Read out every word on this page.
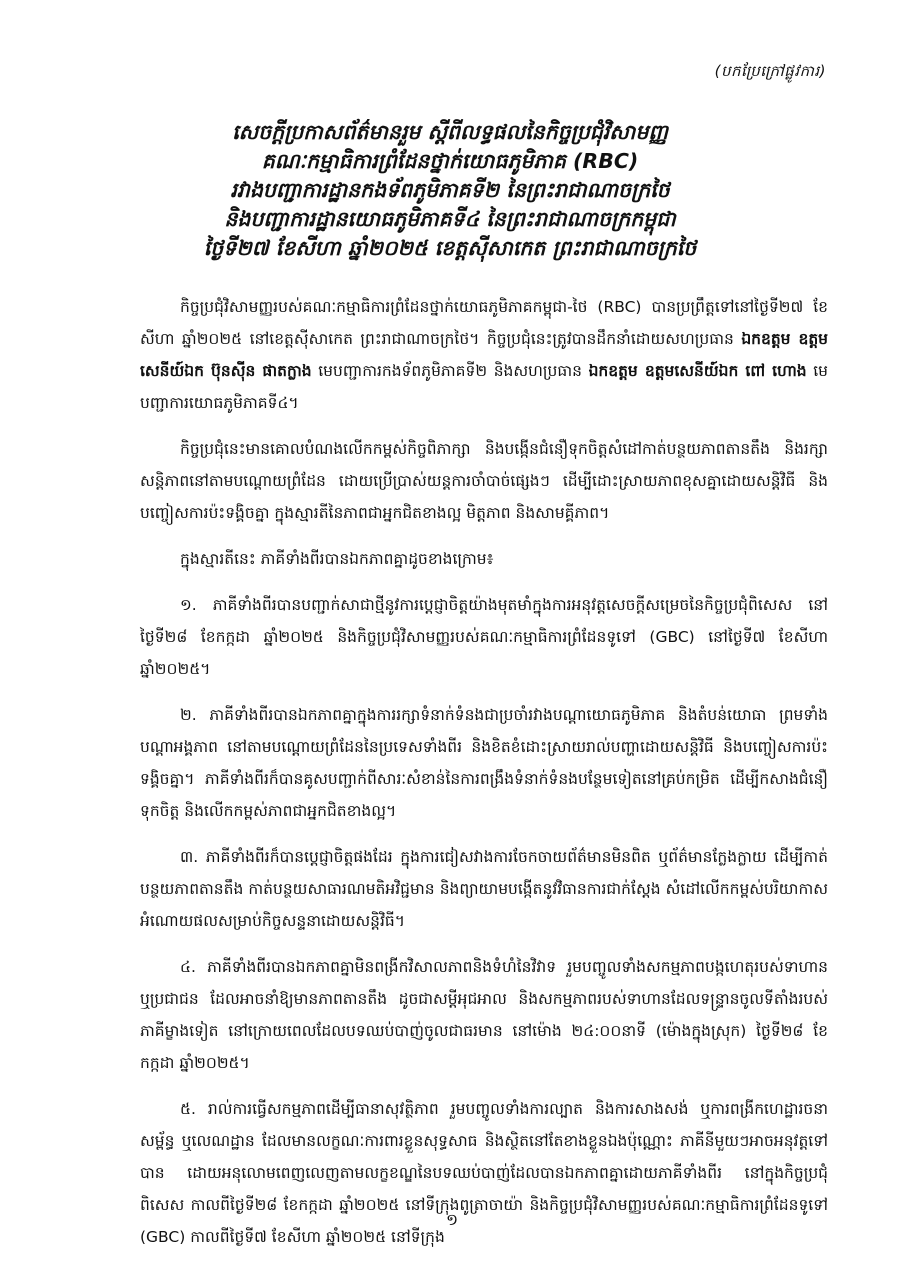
(បកប្រែក្រៅផ្លូវការ)
សេចក្តីប្រកាសព័ត៌មានរួម ស្តីពីលទ្ធផលនៃកិច្ចប្រជុំវិសាមញ្ញ
គណៈកម្មាធិការព្រំដែនថ្នាក់យោធភូមិភាគ (RBC)
រវាងបញ្ជាការដ្ឋានកងទ័ពភូមិភាគទី២ នៃព្រះរាជាណាចក្រថៃ
និងបញ្ជាការដ្ឋានយោធភូមិភាគទី៤ នៃព្រះរាជាណាចក្រកម្ពុជា
ថ្ងៃទី២៧ ខែសីហា ឆ្នាំ២០២៥ ខេត្តស៊ីសាកេត ព្រះរាជាណាចក្រថៃ

កិច្ចប្រជុំវិសាមញ្ញរបស់គណៈកម្មាធិការព្រំដែនថ្នាក់យោធភូមិភាគកម្ពុជា-ថៃ (RBC) បានប្រព្រឹត្តទៅនៅថ្ងៃទី២៧ ខែសីហា ឆ្នាំ២០២៥ នៅខេត្តស៊ីសាកេត ព្រះរាជាណាចក្រថៃ។ កិច្ចប្រជុំនេះត្រូវបានដឹកនាំដោយសហប្រធាន ឯកឧត្តម ឧត្តមសេនីយ៍ឯក ប៊ុនស៊ីន ផាតក្លាង មេបញ្ជាការកងទ័ពភូមិភាគទី២ និងសហប្រធាន ឯកឧត្តម ឧត្តមសេនីយ៍ឯក ពៅ ហោង មេបញ្ជាការយោធភូមិភាគទី៤។

កិច្ចប្រជុំនេះមានគោលបំណងលើកកម្ពស់កិច្ចពិភាក្សា និងបង្កើនជំនឿទុកចិត្តសំដៅកាត់បន្ថយភាពតានតឹង និងរក្សាសន្តិភាពនៅតាមបណ្តោយព្រំដែន ដោយប្រើប្រាស់យន្តការចាំបាច់ផ្សេងៗ ដើម្បីដោះស្រាយភាពខុសគ្នាដោយសន្តិវិធី និងបញ្ចៀសការប៉ះទង្គិចគ្នា ក្នុងស្មារតីនៃភាពជាអ្នកជិតខាងល្អ មិត្តភាព និងសាមគ្គីភាព។

ក្នុងស្មារតីនេះ ភាគីទាំងពីរបានឯកភាពគ្នាដូចខាងក្រោម៖

១. ភាគីទាំងពីរបានបញ្ជាក់សាជាថ្មីនូវការប្តេជ្ញាចិត្តយ៉ាងមុតមាំក្នុងការអនុវត្តសេចក្តីសម្រេចនៃកិច្ចប្រជុំពិសេស នៅថ្ងៃទី២៨ ខែកក្កដា ឆ្នាំ២០២៥ និងកិច្ចប្រជុំវិសាមញ្ញរបស់គណៈកម្មាធិការព្រំដែនទូទៅ (GBC) នៅថ្ងៃទី៧ ខែសីហា ឆ្នាំ២០២៥។

២. ភាគីទាំងពីរបានឯកភាពគ្នាក្នុងការរក្សាទំនាក់ទំនងជាប្រចាំរវាងបណ្តាយោធភូមិភាគ និងតំបន់យោធា ព្រមទាំងបណ្តាអង្គភាព នៅតាមបណ្តោយព្រំដែននៃប្រទេសទាំងពីរ និងខិតខំដោះស្រាយរាល់បញ្ហាដោយសន្តិវិធី និងបញ្ចៀសការប៉ះទង្គិចគ្នា។ ភាគីទាំងពីរក៏បានគូសបញ្ជាក់ពីសារៈសំខាន់នៃការពង្រឹងទំនាក់ទំនងបន្ថែមទៀតនៅគ្រប់កម្រិត ដើម្បីកសាងជំនឿទុកចិត្ត និងលើកកម្ពស់ភាពជាអ្នកជិតខាងល្អ។

៣. ភាគីទាំងពីរក៏បានប្តេជ្ញាចិត្តផងដែរ ក្នុងការជៀសវាងការចែកចាយព័ត៌មានមិនពិត ឬព័ត៌មានក្លែងក្លាយ ដើម្បីកាត់បន្ថយភាពតានតឹង កាត់បន្ថយសាធារណមតិអវិជ្ជមាន និងព្យាយាមបង្កើតនូវវិធានការជាក់ស្តែង សំដៅលើកកម្ពស់បរិយាកាសអំណោយផលសម្រាប់កិច្ចសន្ទនាដោយសន្តិវិធី។

៤. ភាគីទាំងពីរបានឯកភាពគ្នាមិនពង្រីកវិសាលភាពនិងទំហំនៃវិវាទ រួមបញ្ចូលទាំងសកម្មភាពបង្កហេតុរបស់ទាហាន ឬប្រជាជន ដែលអាចនាំឱ្យមានភាពតានតឹង ដូចជាសម្តីអុជអាល និងសកម្មភាពរបស់ទាហានដែលទន្ទ្រានចូលទីតាំងរបស់ភាគីម្ខាងទៀត នៅក្រោយពេលដែលបទឈប់បាញ់ចូលជាធរមាន នៅម៉ោង ២៤:០០នាទី (ម៉ោងក្នុងស្រុក) ថ្ងៃទី២៨ ខែកក្កដា ឆ្នាំ២០២៥។

៥. រាល់ការធ្វើសកម្មភាពដើម្បីធានាសុវត្ថិភាព រួមបញ្ចូលទាំងការល្បាត និងការសាងសង់ ឬការពង្រីកហេដ្ឋារចនាសម្ព័ន្ធ ឬលេណដ្ឋាន ដែលមានលក្ខណៈការពារខ្លួនសុទ្ធសាធ និងស្ថិតនៅតែខាងខ្លួនឯងប៉ុណ្ណោះ ភាគីនីមួយៗអាចអនុវត្តទៅបាន ដោយអនុលោមពេញលេញតាមលក្ខខណ្ឌនៃបទឈប់បាញ់ដែលបានឯកភាពគ្នាដោយភាគីទាំងពីរ នៅក្នុងកិច្ចប្រជុំពិសេស កាលពីថ្ងៃទី២៨ ខែកក្កដា ឆ្នាំ២០២៥ នៅទីក្រុងពូត្រាចាយ៉ា និងកិច្ចប្រជុំវិសាមញ្ញរបស់គណៈកម្មាធិការព្រំដែនទូទៅ (GBC) កាលពីថ្ងៃទី៧ ខែសីហា ឆ្នាំ២០២៥ នៅទីក្រុង

១
